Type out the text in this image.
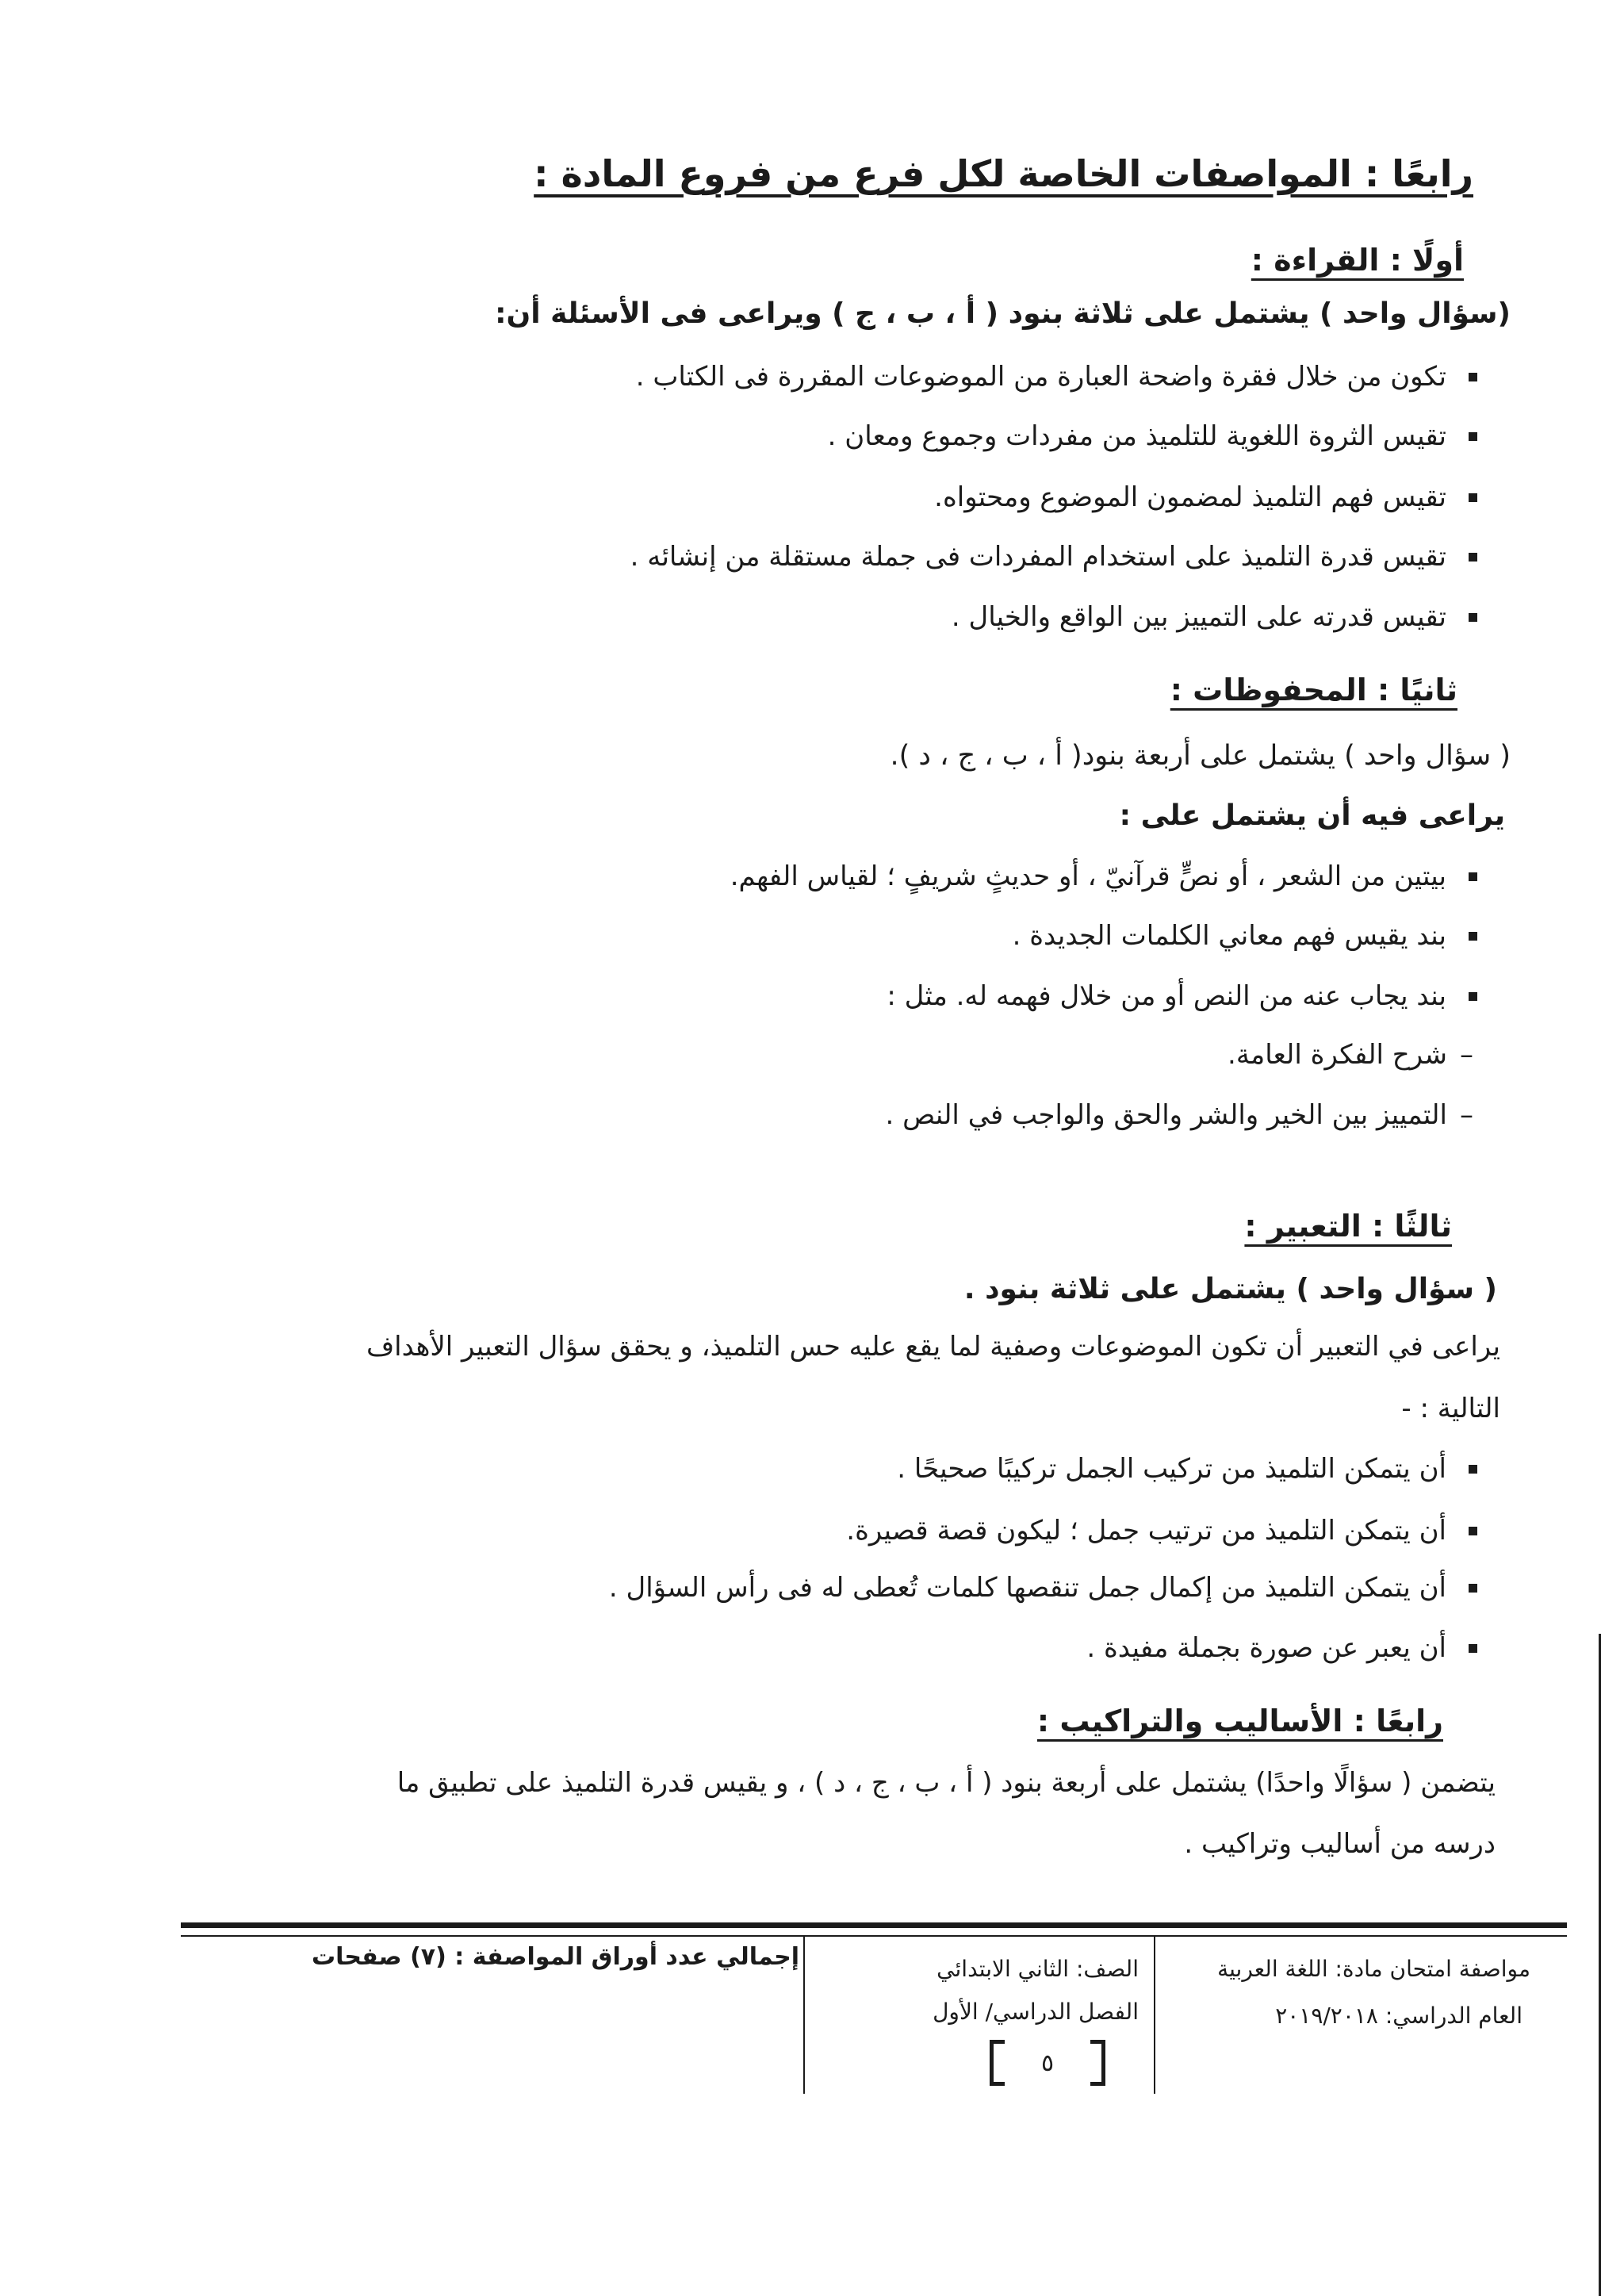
رابعًا : المواصفات الخاصة لكل فرع من فروع المادة :
أولًا : القراءة :

(سؤال واحد ) يشتمل على ثلاثة بنود ( أ ، ب ، ج ) ويراعى فى الأسئلة أن:

تكون من خلال فقرة واضحة العبارة من الموضوعات المقررة فى الكتاب .
تقيس الثروة اللغوية للتلميذ من مفردات وجموع ومعان .
تقيس فهم التلميذ لمضمون الموضوع ومحتواه.
تقيس قدرة التلميذ على استخدام المفردات فى جملة مستقلة من إنشائه .
تقيس قدرته على التمييز بين الواقع والخيال .
ثانيًا : المحفوظات :

( سؤال واحد ) يشتمل على أربعة بنود( أ ، ب ، ج ، د ).

يراعى فيه أن يشتمل على :

بيتين من الشعر ، أو نصٍّ قرآنيّ ، أو حديثٍ شريفٍ ؛ لقياس الفهم.
بند يقيس فهم معاني الكلمات الجديدة .
بند يجاب عنه من النص أو من خلال فهمه له. مثل :
–شرح الفكرة العامة.
–التمييز بين الخير والشر والحق والواجب في النص .
ثالثًا : التعبير :

( سؤال واحد ) يشتمل على ثلاثة بنود .

يراعى في التعبير أن تكون الموضوعات وصفية لما يقع عليه حس التلميذ، و يحقق سؤال التعبير الأهداف

التالية : -

أن يتمكن التلميذ من تركيب الجمل تركيبًا صحيحًا .
أن يتمكن التلميذ من ترتيب جمل ؛ ليكون قصة قصيرة.
أن يتمكن التلميذ من إكمال جمل تنقصها كلمات تُعطى له فى رأس السؤال .
أن يعبر عن صورة بجملة مفيدة .
رابعًا : الأساليب والتراكيب :

يتضمن ( سؤالًا واحدًا) يشتمل على أربعة بنود ( أ ، ب ، ج ، د ) ، و يقيس قدرة التلميذ على تطبيق ما

درسه من أساليب وتراكيب .

مواصفة امتحان مادة: اللغة العربية
العام الدراسي: ٢٠١٩/٢٠١٨
الصف: الثاني الابتدائي
الفصل الدراسي/ الأول
٥
إجمالي عدد أوراق المواصفة : (٧) صفحات
